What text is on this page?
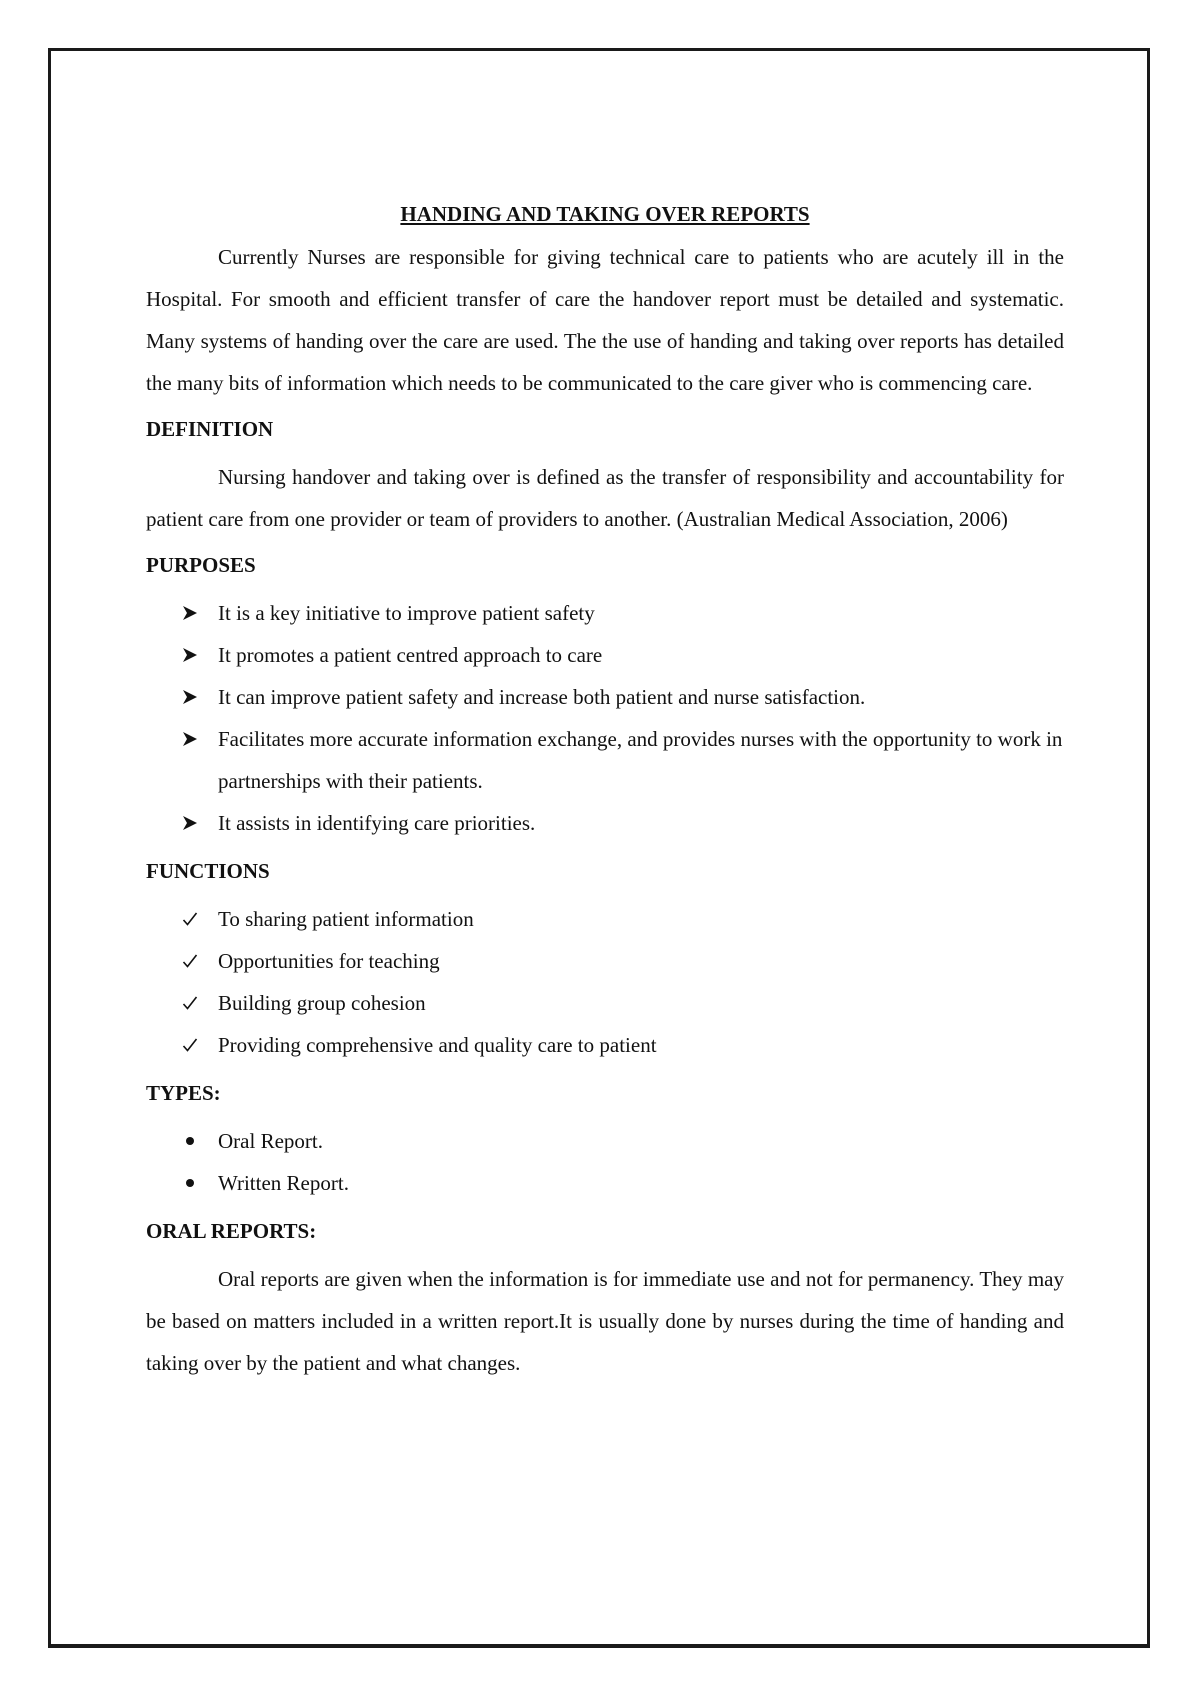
HANDING AND TAKING OVER REPORTS

Currently Nurses are responsible for giving technical care to patients who are acutely ill in the Hospital. For smooth and efficient transfer of care the handover report must be detailed and systematic. Many systems of handing over the care are used. The the use of handing and taking over reports has detailed the many bits of information which needs to be communicated to the care giver who is commencing care.

DEFINITION

Nursing handover and taking over is defined as the transfer of responsibility and accountability for patient care from one provider or team of providers to another. (Australian Medical Association, 2006)

PURPOSES
It is a key initiative to improve patient safety
It promotes a patient centred approach to care
It can improve patient safety and increase both patient and nurse satisfaction.
Facilitates more accurate information exchange, and provides nurses with the opportunity to work in partnerships with their patients.
It assists in identifying care priorities.
FUNCTIONS
To sharing patient information
Opportunities for teaching
Building group cohesion
Providing comprehensive and quality care to patient
TYPES:
Oral Report.
Written Report.
ORAL REPORTS:

Oral reports are given when the information is for immediate use and not for permanency. They may be based on matters included in a written report.It is usually done by nurses during the time of handing and taking over by the patient and what changes.
